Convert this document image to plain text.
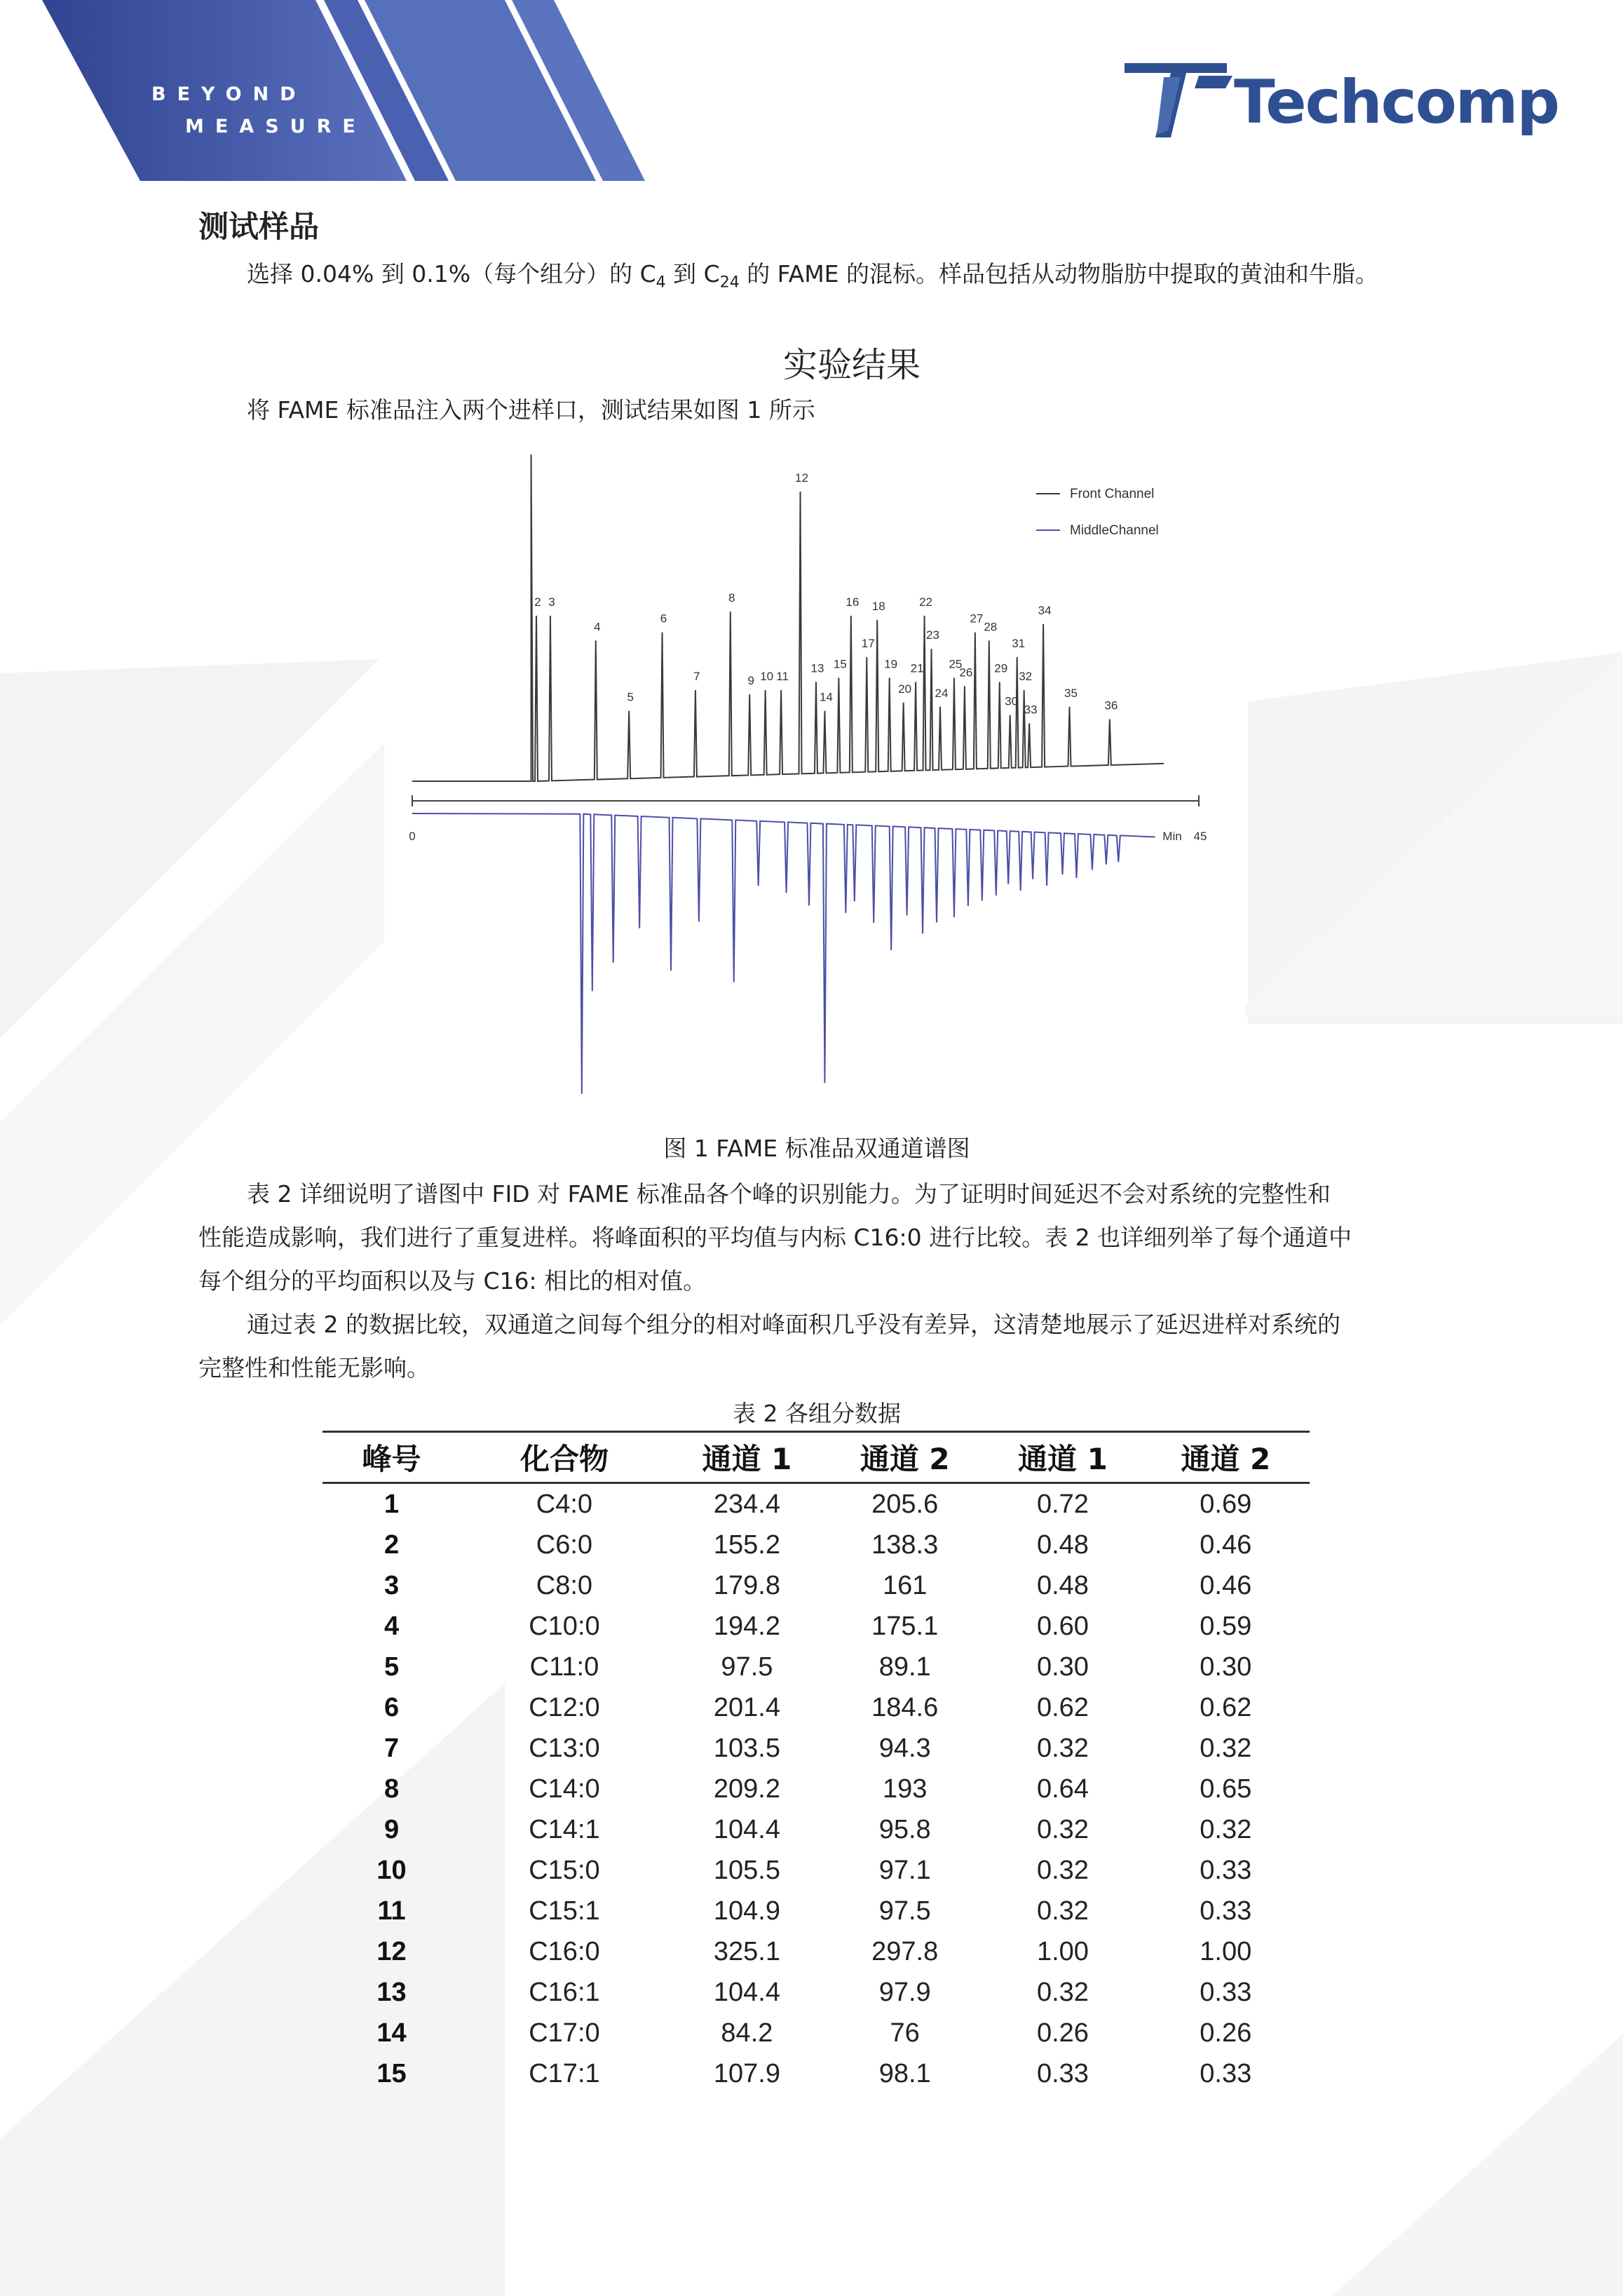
BEYOND
MEASURE	Techcomp
测试样品
选择 0.04% 到 0.1%（每个组分）的 $C_4$ 到 $C_{24}$ 的 FAME 的混标。样品包括从动物脂肪中提取的黄油和牛脂。
实验结果
将 FAME 标准品注入两个进样口，测试结果如图 1 所示
2 3
4
5
6
7
8
9 10 11
12
13
14
15
16
17
18
19
20
21
22
23
24
25
26
27
28
29
30
31
32
33
34
35
36
0	Min 45
Front Channel
MiddleChannel
图 1 FAME 标准品双通道谱图
表 2 详细说明了谱图中 FID 对 FAME 标准品各个峰的识别能力。为了证明时间延迟不会对系统的完整性和
性能造成影响，我们进行了重复进样。将峰面积的平均值与内标 C16:0 进行比较。表 2 也详细列举了每个通道中
每个组分的平均面积以及与 C16: 相比的相对值。
通过表 2 的数据比较，双通道之间每个组分的相对峰面积几乎没有差异，这清楚地展示了延迟进样对系统的
完整性和性能无影响。
表 2 各组分数据
峰号	化合物	通道 1	通道 2	通道 1	通道 2
1	C4:0	234.4	205.6	0.72	0.69
2	C6:0	155.2	138.3	0.48	0.46
3	C8:0	179.8	161	0.48	0.46
4	C10:0	194.2	175.1	0.60	0.59
5	C11:0	97.5	89.1	0.30	0.30
6	C12:0	201.4	184.6	0.62	0.62
7	C13:0	103.5	94.3	0.32	0.32
8	C14:0	209.2	193	0.64	0.65
9	C14:1	104.4	95.8	0.32	0.32
10	C15:0	105.5	97.1	0.32	0.33
11	C15:1	104.9	97.5	0.32	0.33
12	C16:0	325.1	297.8	1.00	1.00
13	C16:1	104.4	97.9	0.32	0.33
14	C17:0	84.2	76	0.26	0.26
15	C17:1	107.9	98.1	0.33	0.33
